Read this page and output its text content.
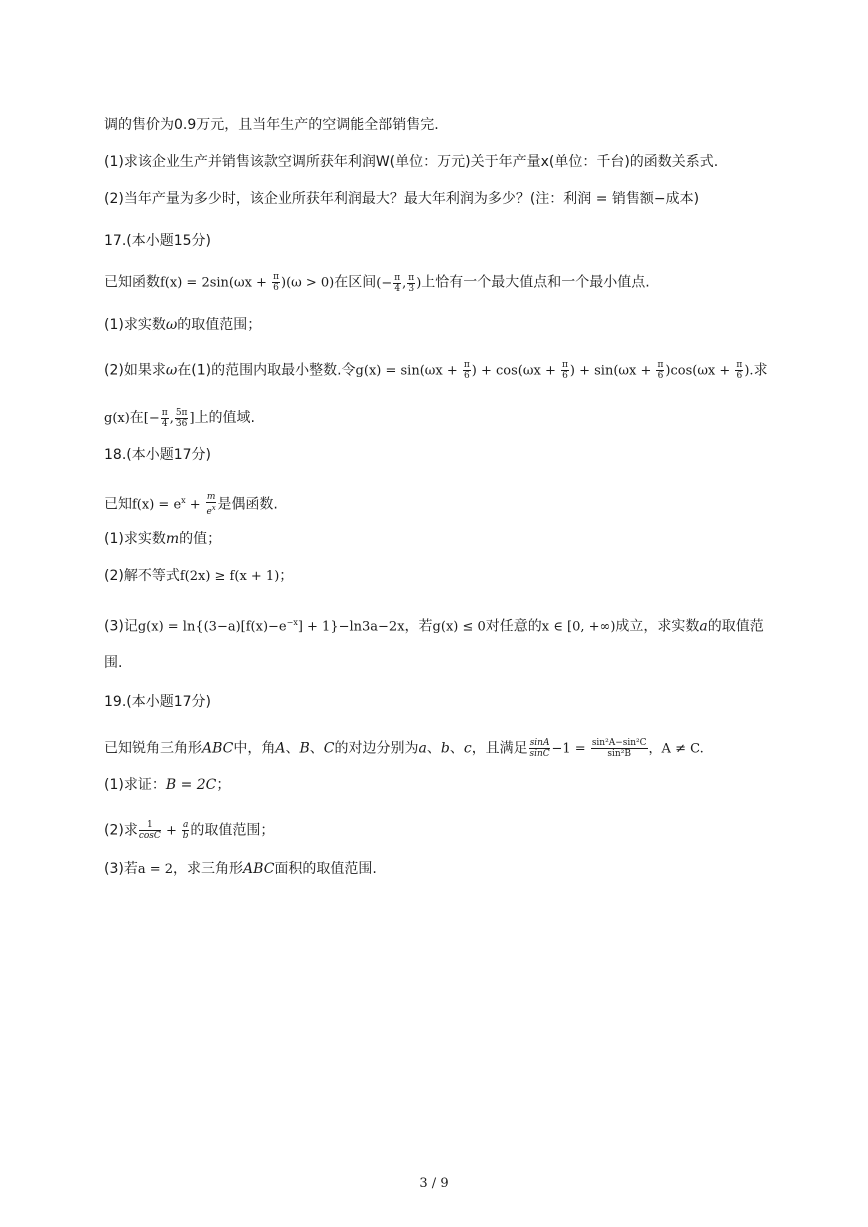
调的售价为0.9万元，且当年生产的空调能全部销售完.
(1)求该企业生产并销售该款空调所获年利润W(单位：万元)关于年产量x(单位：千台)的函数关系式.
(2)当年产量为多少时，该企业所获年利润最大？最大年利润为多少？(注：利润 = 销售额−成本)
17.(本小题15分)
已知函数$f(x) = 2\sin(\omega x + \frac{\pi}{6} )(\omega > 0)$在区间(− $\frac{\pi}{4}$ , $\frac{\pi}{3}$ )上恰有一个最大值点和一个最小值点.
(1)求实数ω的取值范围；
(2)如果求ω在(1)的范围内取最小整数.令$g(x) = \sin(\omega x + \frac{\pi}{6}$ ) + $\cos(\omega x + \frac{\pi}{6}$ ) + $\sin(\omega x + \frac{\pi}{6} )\cos(\omega x + \frac{\pi}{6}$ ).求
g(x)在[− $\frac{\pi}{4}$ , $\frac{5\pi}{36}$ ]上的值域.
18.(本小题17分)
已知$f(x) = e^x + \frac{m}{e^x}$ 是偶函数.
(1)求实数m的值；
(2)解不等式f(2x) ≥ f(x + 1)；
(3)记$g(x) = \ln\{(3-a)[f(x)-e^{-x}] + 1\}-\ln 3a-2x$，若g(x) ≤ 0对任意的x ∈ [0, +∞)成立，求实数a的取值范
围.
19.(本小题17分)
已知锐角三角形ABC中，角A、B、C的对边分别为a、b、c，且满足 $\frac{\sin A}{\sin C} -1 = \frac{\text{sin²A−sin²C}}{\text{sin²B}}$ ，A ≠ C.
(1)求证：B = 2C；
(2)求 $\frac{1}{\cos C} + \frac{a}{b}$ 的取值范围；
(3)若a = 2，求三角形ABC面积的取值范围.
3 / 9
